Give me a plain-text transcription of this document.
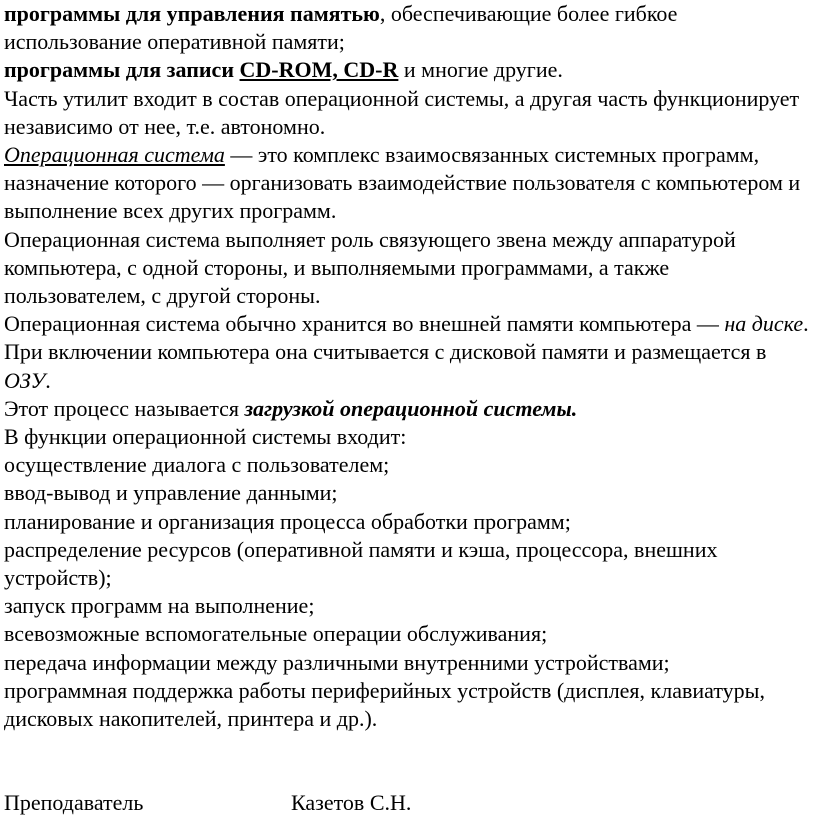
программы для управления памятью, обеспечивающие более гибкое использование оперативной памяти;

программы для записи CD-ROM, CD-R и многие другие.

Часть утилит входит в состав операционной системы, а другая часть функционирует независимо от нее, т.е. автономно.

Операционная система — это комплекс взаимосвязанных системных программ, назначение которого — организовать взаимодействие пользователя с компьютером и выполнение всех других программ.

Операционная система выполняет роль связующего звена между аппаратурой компьютера, с одной стороны, и выполняемыми программами, а также пользователем, с другой стороны.

Операционная система обычно хранится во внешней памяти компьютера — на диске. При включении компьютера она считывается с дисковой памяти и размещается в ОЗУ.

Этот процесс называется загрузкой операционной системы.

В функции операционной системы входит:

осуществление диалога с пользователем;

ввод-вывод и управление данными;

планирование и организация процесса обработки программ;

распределение ресурсов (оперативной памяти и кэша, процессора, внешних устройств);

запуск программ на выполнение;

всевозможные вспомогательные операции обслуживания;

передача информации между различными внутренними устройствами;

программная поддержка работы периферийных устройств (дисплея, клавиатуры, дисковых накопителей, принтера и др.).

Преподаватель	Казетов С.Н.
